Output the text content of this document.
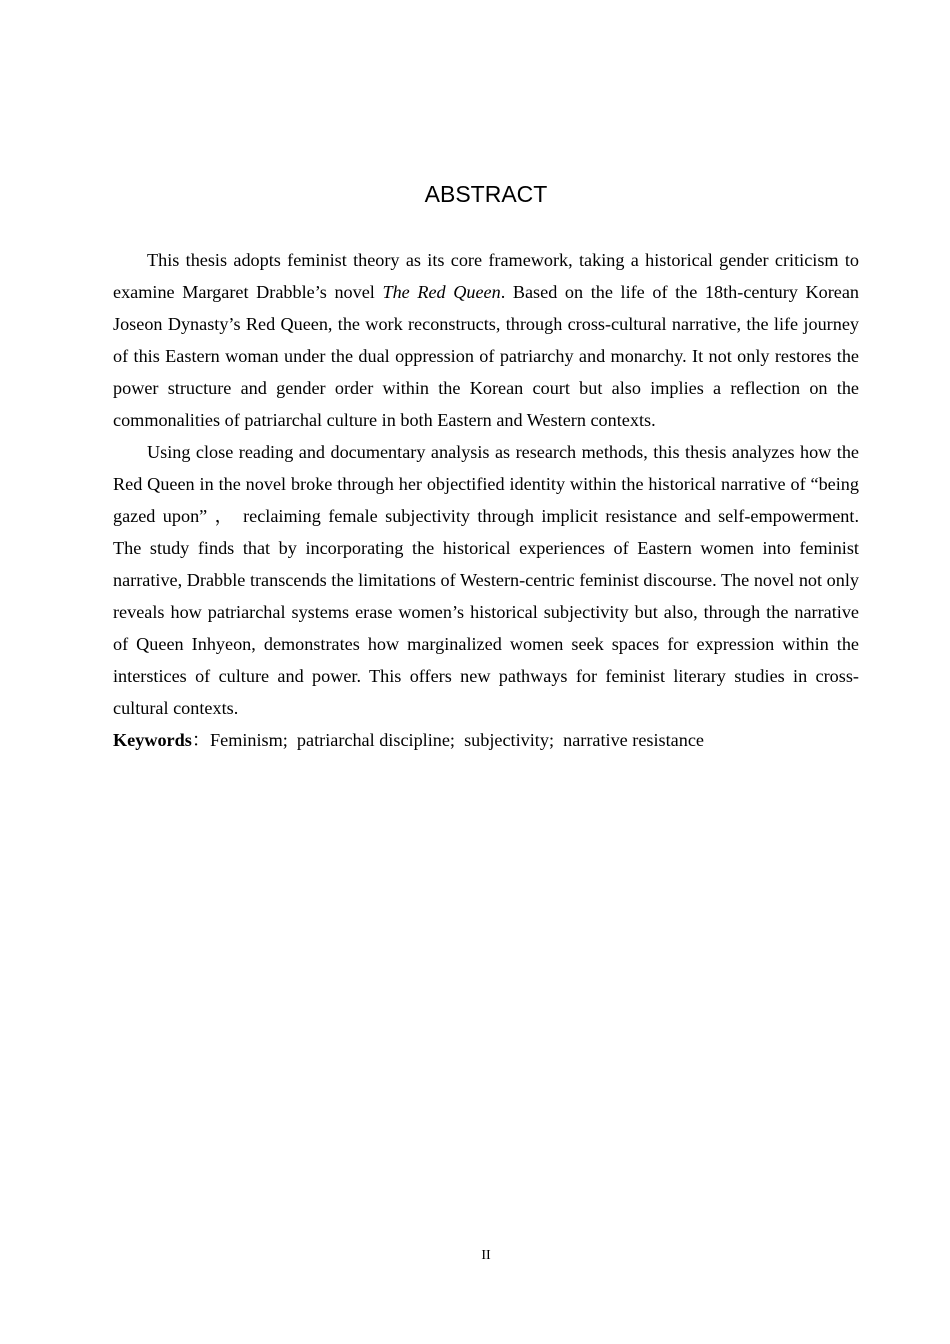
ABSTRACT

This thesis adopts feminist theory as its core framework, taking a historical gender criticism to examine Margaret Drabble’s novel The Red Queen. Based on the life of the 18th-century Korean Joseon Dynasty’s Red Queen, the work reconstructs, through cross-cultural narrative, the life journey of this Eastern woman under the dual oppression of patriarchy and monarchy. It not only restores the power structure and gender order within the Korean court but also implies a reflection on the commonalities of patriarchal culture in both Eastern and Western contexts.

Using close reading and documentary analysis as research methods, this thesis analyzes how the Red Queen in the novel broke through her objectified identity within the historical narrative of “being gazed upon” ， reclaiming female subjectivity through implicit resistance and self-empowerment. The study finds that by incorporating the historical experiences of Eastern women into feminist narrative, Drabble transcends the limitations of Western-centric feminist discourse. The novel not only reveals how patriarchal systems erase women’s historical subjectivity but also, through the narrative of Queen Inhyeon, demonstrates how marginalized women seek spaces for expression within the interstices of culture and power. This offers new pathways for feminist literary studies in cross-cultural contexts.

Keywords：Feminism; patriarchal discipline; subjectivity; narrative resistance
II
